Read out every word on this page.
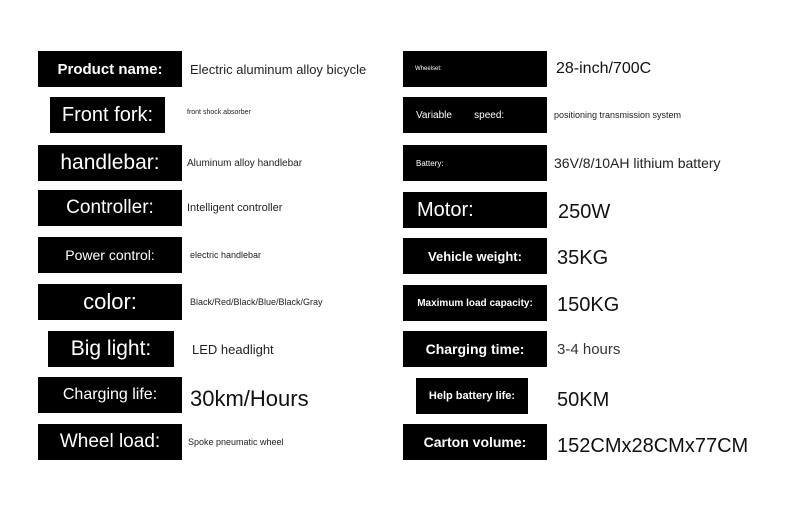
Product name:	Electric aluminum alloy bicycle
Front fork:	front shock absorber
handlebar:	Aluminum alloy handlebar
Controller:	Intelligent controller
Power control:	electric handlebar
color:	Black/Red/Black/Blue/Black/Gray
Big light:	LED headlight
Charging life:	30km/Hours
Wheel load:	Spoke pneumatic wheel
Wheelset:	28-inch/700C
Variable        speed:	positioning transmission system
Battery:	36V/8/10AH lithium battery
Motor:	250W
Vehicle weight:	35KG
Maximum load capacity:	150KG
Charging time:	3-4 hours
Help battery life:	50KM
Carton volume:	152CMx28CMx77CM
